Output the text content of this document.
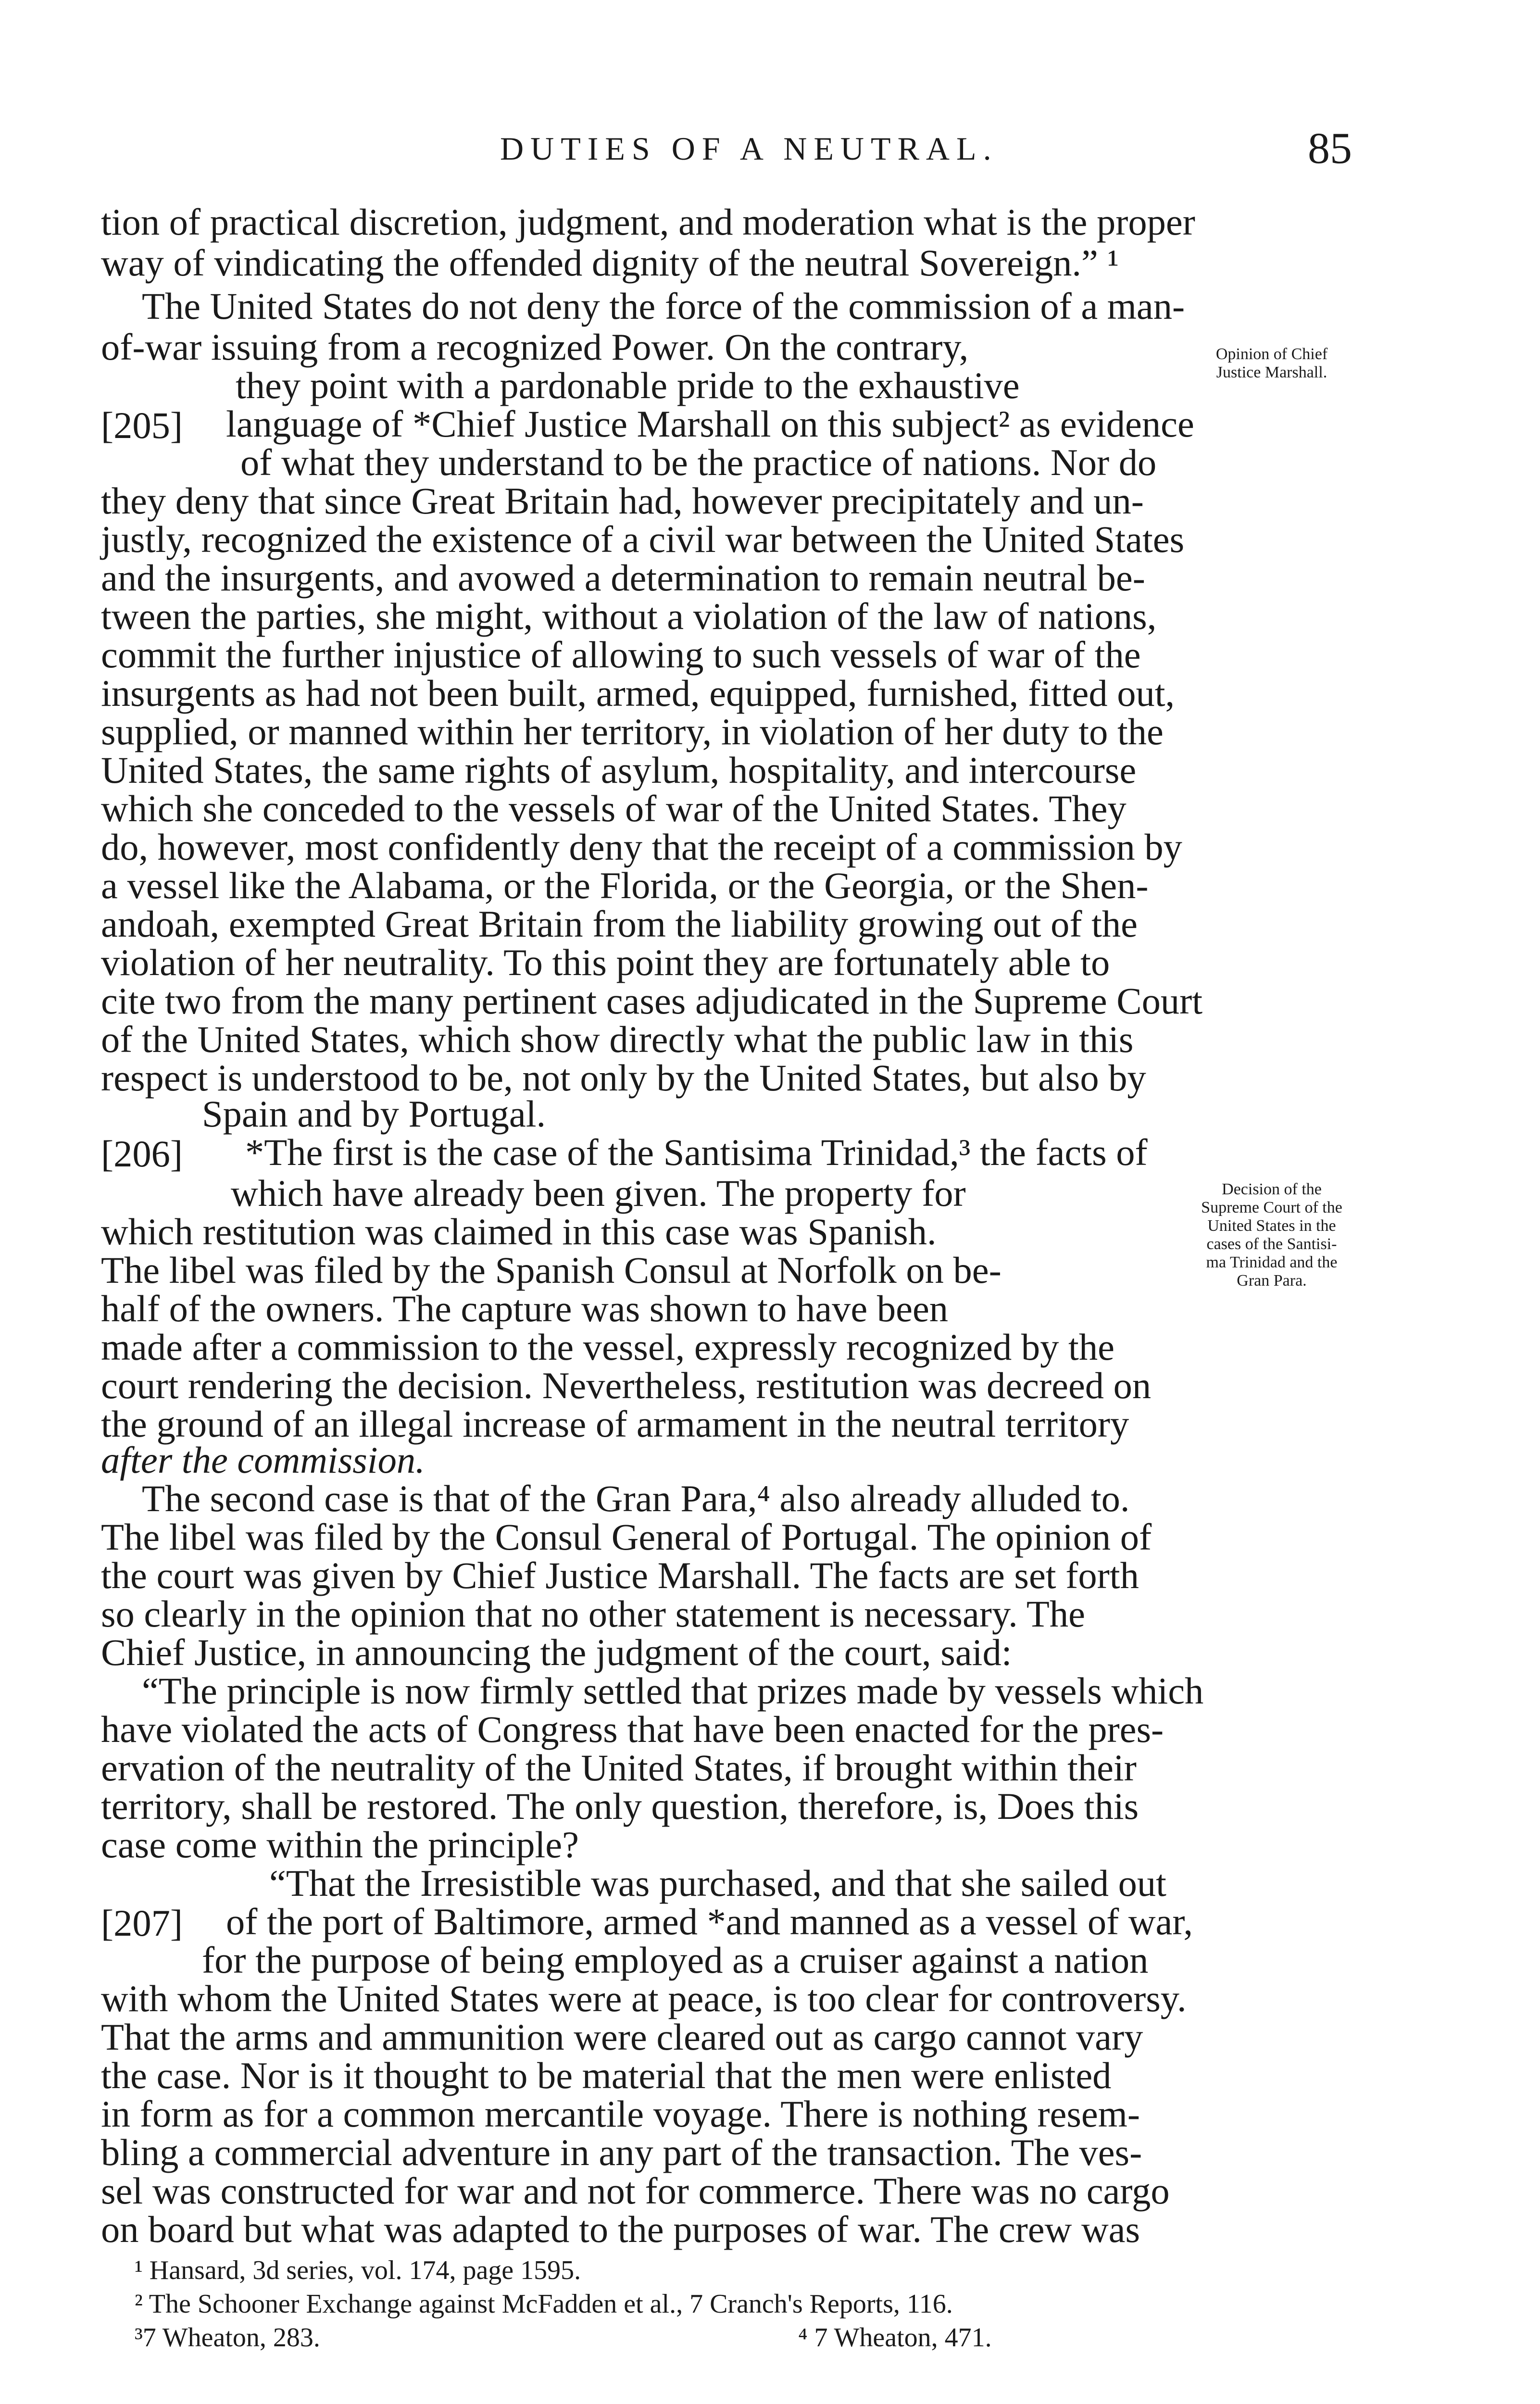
DUTIES OF A NEUTRAL.	85
tion of practical discretion, judgment, and moderation what is the proper
way of vindicating the offended dignity of the neutral Sovereign.” ¹
The United States do not deny the force of the commission of a man-
of-war issuing from a recognized Power. On the contrary,
they point with a pardonable pride to the exhaustive
language of *Chief Justice Marshall on this subject² as evidence
of what they understand to be the practice of nations. Nor do
they deny that since Great Britain had, however precipitately and un-
justly, recognized the existence of a civil war between the United States
and the insurgents, and avowed a determination to remain neutral be-
tween the parties, she might, without a violation of the law of nations,
commit the further injustice of allowing to such vessels of war of the
insurgents as had not been built, armed, equipped, furnished, fitted out,
supplied, or manned within her territory, in violation of her duty to the
United States, the same rights of asylum, hospitality, and intercourse
which she conceded to the vessels of war of the United States. They
do, however, most confidently deny that the receipt of a commission by
a vessel like the Alabama, or the Florida, or the Georgia, or the Shen-
andoah, exempted Great Britain from the liability growing out of the
violation of her neutrality. To this point they are fortunately able to
cite two from the many pertinent cases adjudicated in the Supreme Court
of the United States, which show directly what the public law in this
respect is understood to be, not only by the United States, but also by
Spain and by Portugal.
*The first is the case of the Santisima Trinidad,³ the facts of
which have already been given. The property for
which restitution was claimed in this case was Spanish.
The libel was filed by the Spanish Consul at Norfolk on be-
half of the owners. The capture was shown to have been
made after a commission to the vessel, expressly recognized by the
court rendering the decision. Nevertheless, restitution was decreed on
the ground of an illegal increase of armament in the neutral territory
after the commission.
The second case is that of the Gran Para,⁴ also already alluded to.
The libel was filed by the Consul General of Portugal. The opinion of
the court was given by Chief Justice Marshall. The facts are set forth
so clearly in the opinion that no other statement is necessary. The
Chief Justice, in announcing the judgment of the court, said:
“The principle is now firmly settled that prizes made by vessels which
have violated the acts of Congress that have been enacted for the pres-
ervation of the neutrality of the United States, if brought within their
territory, shall be restored. The only question, therefore, is, Does this
case come within the principle?
“That the Irresistible was purchased, and that she sailed out
of the port of Baltimore, armed *and manned as a vessel of war,
for the purpose of being employed as a cruiser against a nation
with whom the United States were at peace, is too clear for controversy.
That the arms and ammunition were cleared out as cargo cannot vary
the case. Nor is it thought to be material that the men were enlisted
in form as for a common mercantile voyage. There is nothing resem-
bling a commercial adventure in any part of the transaction. The ves-
sel was constructed for war and not for commerce. There was no cargo
on board but what was adapted to the purposes of war. The crew was
[205]
[206]
[207]
Opinion of Chief
Justice Marshall.
Decision of the
Supreme Court of the
United States in the
cases of the Santisi-
ma Trinidad and the
Gran Para.
¹ Hansard, 3d series, vol. 174, page 1595.
² The Schooner Exchange against McFadden et al., 7 Cranch's Reports, 116.
³7 Wheaton, 283.	⁴ 7 Wheaton, 471.
